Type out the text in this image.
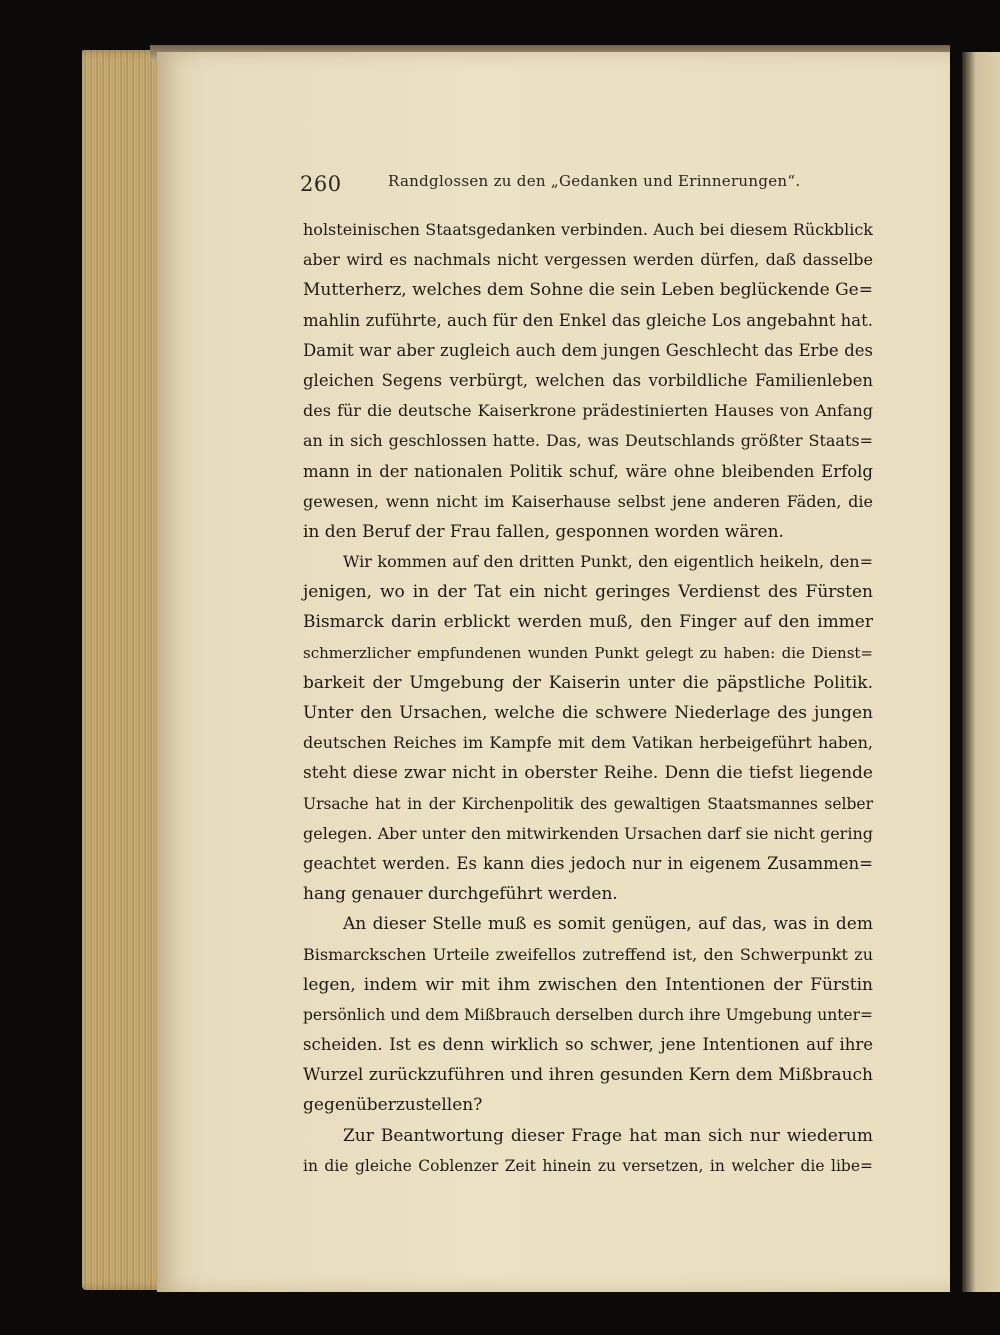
260	Randglossen zu den „Gedanken und Erinnerungen“.
holsteinischen Staatsgedanken verbinden. Auch bei diesem Rückblick
aber wird es nachmals nicht vergessen werden dürfen, daß dasselbe
Mutterherz, welches dem Sohne die sein Leben beglückende Ge=
mahlin zuführte, auch für den Enkel das gleiche Los angebahnt hat.
Damit war aber zugleich auch dem jungen Geschlecht das Erbe des
gleichen Segens verbürgt, welchen das vorbildliche Familienleben
des für die deutsche Kaiserkrone prädestinierten Hauses von Anfang
an in sich geschlossen hatte. Das, was Deutschlands größter Staats=
mann in der nationalen Politik schuf, wäre ohne bleibenden Erfolg
gewesen, wenn nicht im Kaiserhause selbst jene anderen Fäden, die
in den Beruf der Frau fallen, gesponnen worden wären.
Wir kommen auf den dritten Punkt, den eigentlich heikeln, den=
jenigen, wo in der Tat ein nicht geringes Verdienst des Fürsten
Bismarck darin erblickt werden muß, den Finger auf den immer
schmerzlicher empfundenen wunden Punkt gelegt zu haben: die Dienst=
barkeit der Umgebung der Kaiserin unter die päpstliche Politik.
Unter den Ursachen, welche die schwere Niederlage des jungen
deutschen Reiches im Kampfe mit dem Vatikan herbeigeführt haben,
steht diese zwar nicht in oberster Reihe. Denn die tiefst liegende
Ursache hat in der Kirchenpolitik des gewaltigen Staatsmannes selber
gelegen. Aber unter den mitwirkenden Ursachen darf sie nicht gering
geachtet werden. Es kann dies jedoch nur in eigenem Zusammen=
hang genauer durchgeführt werden.
An dieser Stelle muß es somit genügen, auf das, was in dem
Bismarckschen Urteile zweifellos zutreffend ist, den Schwerpunkt zu
legen, indem wir mit ihm zwischen den Intentionen der Fürstin
persönlich und dem Mißbrauch derselben durch ihre Umgebung unter=
scheiden. Ist es denn wirklich so schwer, jene Intentionen auf ihre
Wurzel zurückzuführen und ihren gesunden Kern dem Mißbrauch
gegenüberzustellen?
Zur Beantwortung dieser Frage hat man sich nur wiederum
in die gleiche Coblenzer Zeit hinein zu versetzen, in welcher die libe=
